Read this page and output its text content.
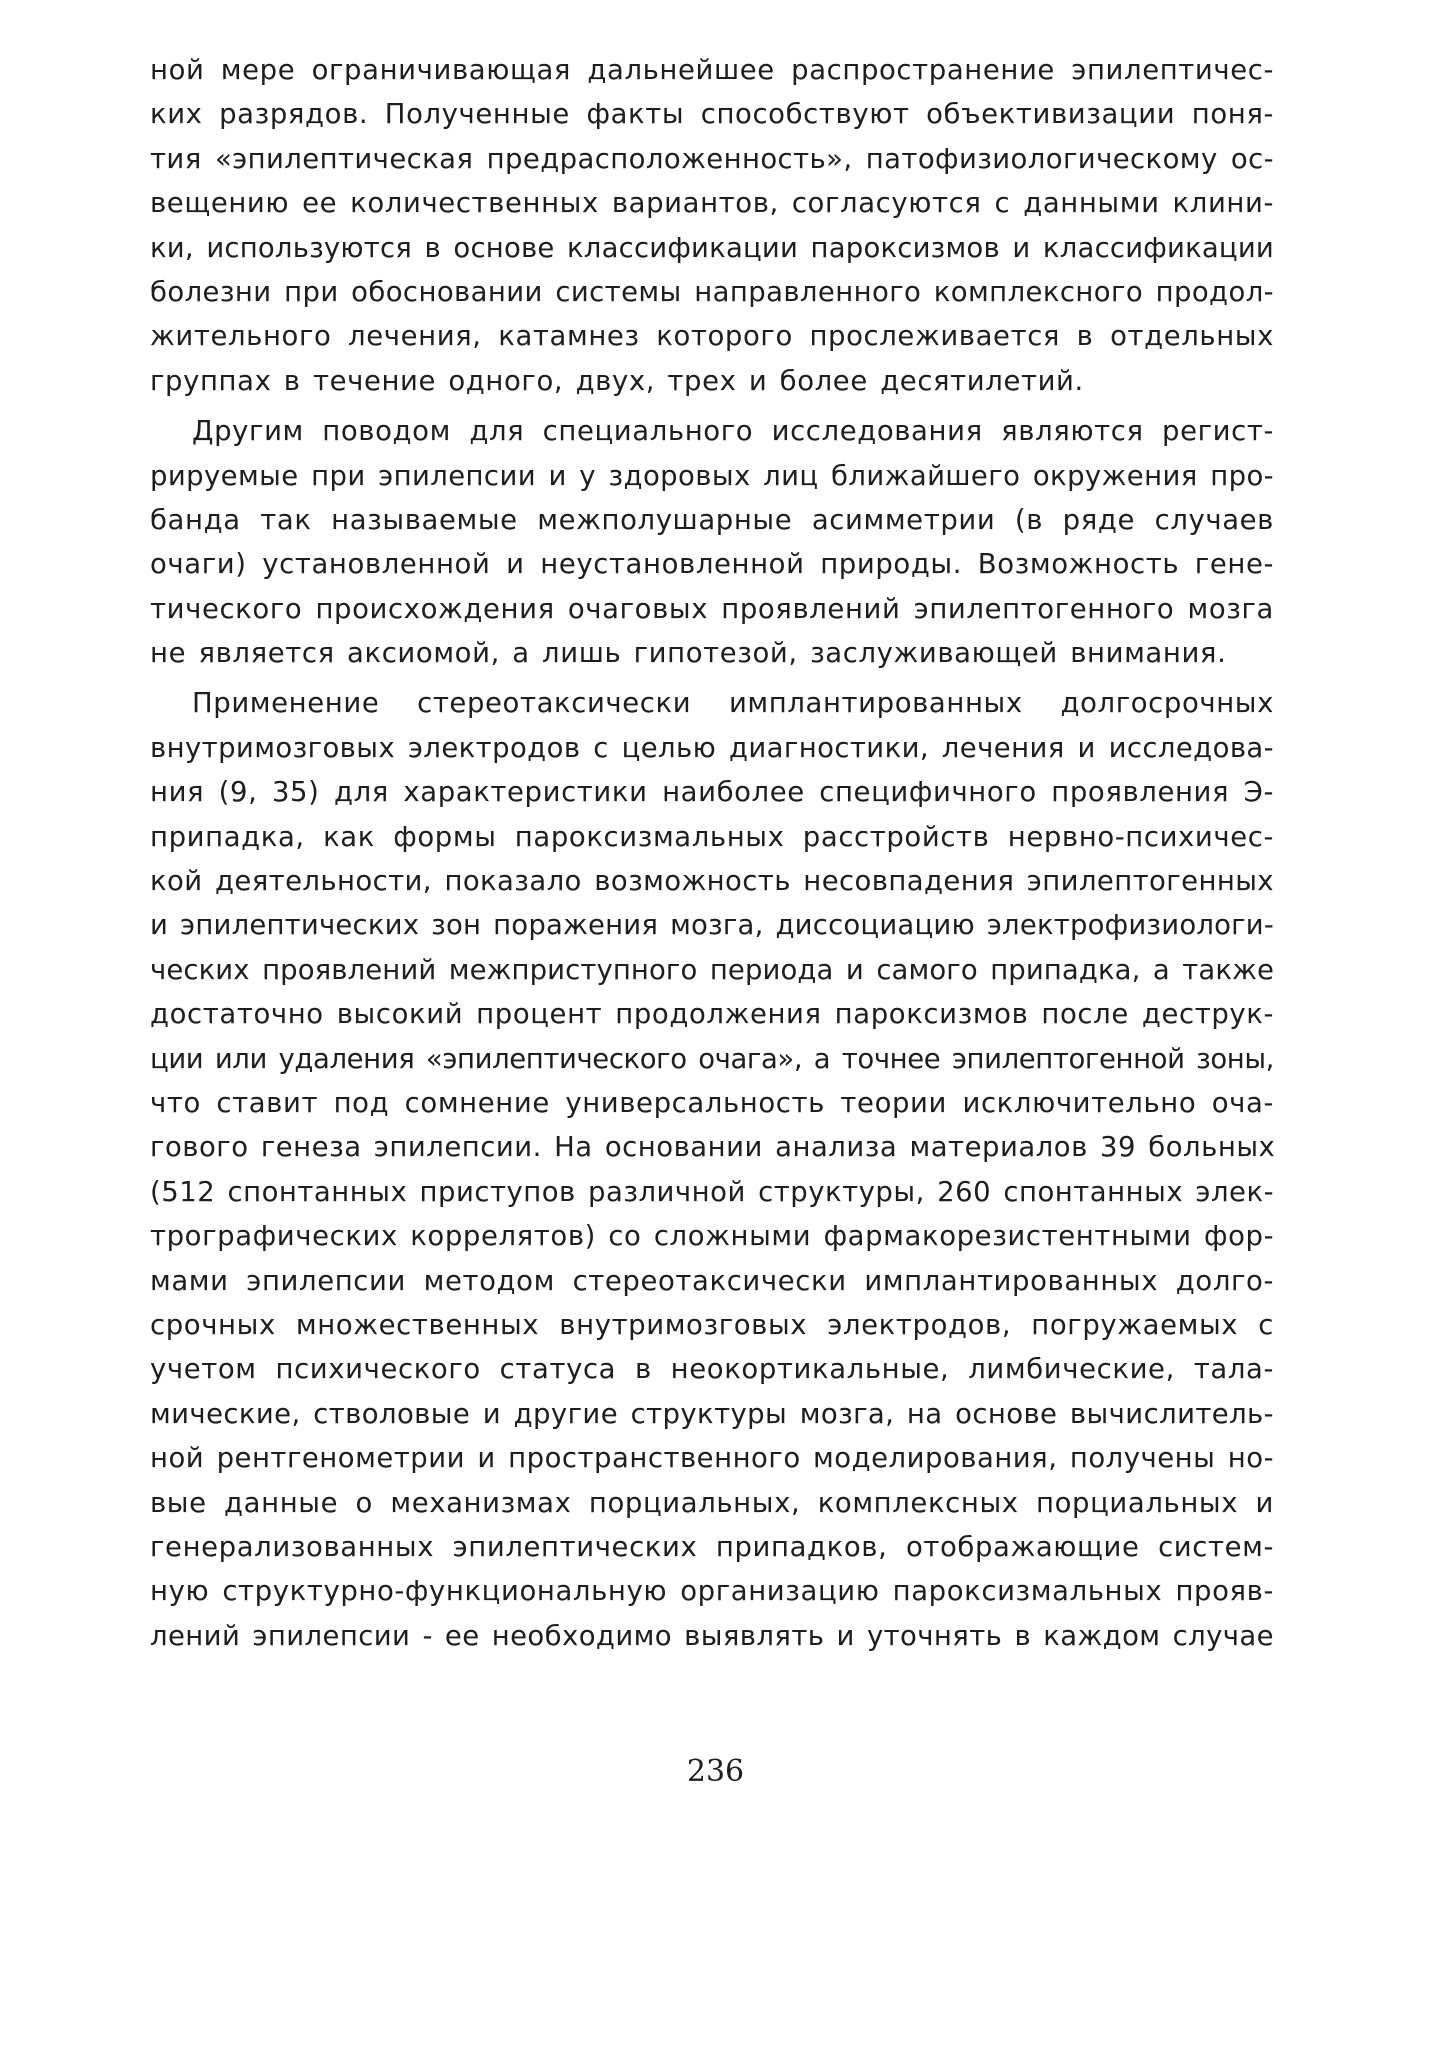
ной мере ограничивающая дальнейшее распространение эпилептичес-
ких разрядов. Полученные факты способствуют объективизации поня-
тия «эпилептическая предрасположенность», патофизиологическому ос-
вещению ее количественных вариантов, согласуются с данными клини-
ки, используются в основе классификации пароксизмов и классификации
болезни при обосновании системы направленного комплексного продол-
жительного лечения, катамнез которого прослеживается в отдельных
группах в течение одного, двух, трех и более десятилетий.
Другим поводом для специального исследования являются регист-
рируемые при эпилепсии и у здоровых лиц ближайшего окружения про-
банда так называемые межполушарные асимметрии (в ряде случаев
очаги) установленной и неустановленной природы. Возможность гене-
тического происхождения очаговых проявлений эпилептогенного мозга
не является аксиомой, а лишь гипотезой, заслуживающей внимания.
Применение стереотаксически имплантированных долгосрочных
внутримозговых электродов с целью диагностики, лечения и исследова-
ния (9, 35) для характеристики наиболее специфичного проявления Э-
припадка, как формы пароксизмальных расстройств нервно-психичес-
кой деятельности, показало возможность несовпадения эпилептогенных
и эпилептических зон поражения мозга, диссоциацию электрофизиологи-
ческих проявлений межприступного периода и самого припадка, а также
достаточно высокий процент продолжения пароксизмов после деструк-
ции или удаления «эпилептического очага», а точнее эпилептогенной зоны,
что ставит под сомнение универсальность теории исключительно оча-
гового генеза эпилепсии. На основании анализа материалов 39 больных
(512 спонтанных приступов различной структуры, 260 спонтанных элек-
трографических коррелятов) со сложными фармакорезистентными фор-
мами эпилепсии методом стереотаксически имплантированных долго-
срочных множественных внутримозговых электродов, погружаемых с
учетом психического статуса в неокортикальные, лимбические, тала-
мические, стволовые и другие структуры мозга, на основе вычислитель-
ной рентгенометрии и пространственного моделирования, получены но-
вые данные о механизмах порциальных, комплексных порциальных и
генерализованных эпилептических припадков, отображающие систем-
ную структурно-функциональную организацию пароксизмальных прояв-
лений эпилепсии - ее необходимо выявлять и уточнять в каждом случае
236
